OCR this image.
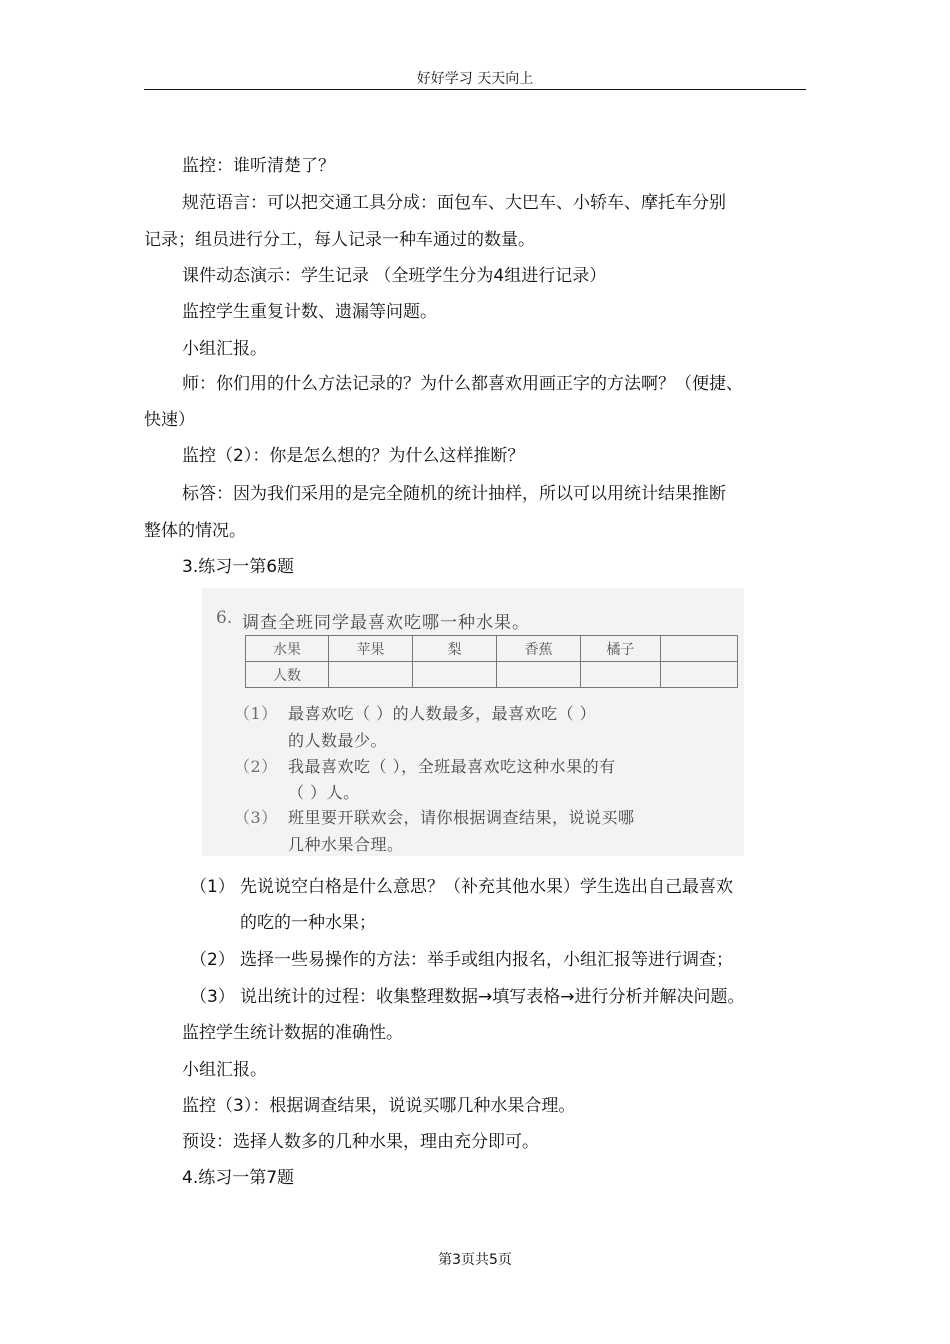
好好学习 天天向上
监控：谁听清楚了？
规范语言：可以把交通工具分成：面包车、大巴车、小轿车、摩托车分别
记录；组员进行分工，每人记录一种车通过的数量。
课件动态演示：学生记录 （全班学生分为4组进行记录）
监控学生重复计数、遗漏等问题。
小组汇报。
师：你们用的什么方法记录的？为什么都喜欢用画正字的方法啊？（便捷、
快速）
监控（2）：你是怎么想的？为什么这样推断？
标答：因为我们采用的是完全随机的统计抽样，所以可以用统计结果推断
整体的情况。
3.练习一第6题
6. 调查全班同学最喜欢吃哪一种水果。
水果	苹果	梨	香蕉	橘子	
人数					
（1） 最喜欢吃（ ）的人数最多，最喜欢吃（ ）
的人数最少。
（2） 我最喜欢吃（ ），全班最喜欢吃这种水果的有
（ ）人。
（3） 班里要开联欢会，请你根据调查结果，说说买哪
几种水果合理。
（1） 先说说空白格是什么意思？（补充其他水果）学生选出自己最喜欢
的吃的一种水果；
（2） 选择一些易操作的方法：举手或组内报名，小组汇报等进行调查；
（3） 说出统计的过程：收集整理数据→填写表格→进行分析并解决问题。
监控学生统计数据的准确性。
小组汇报。
监控（3）：根据调查结果，说说买哪几种水果合理。
预设：选择人数多的几种水果，理由充分即可。
4.练习一第7题
第3页共5页
